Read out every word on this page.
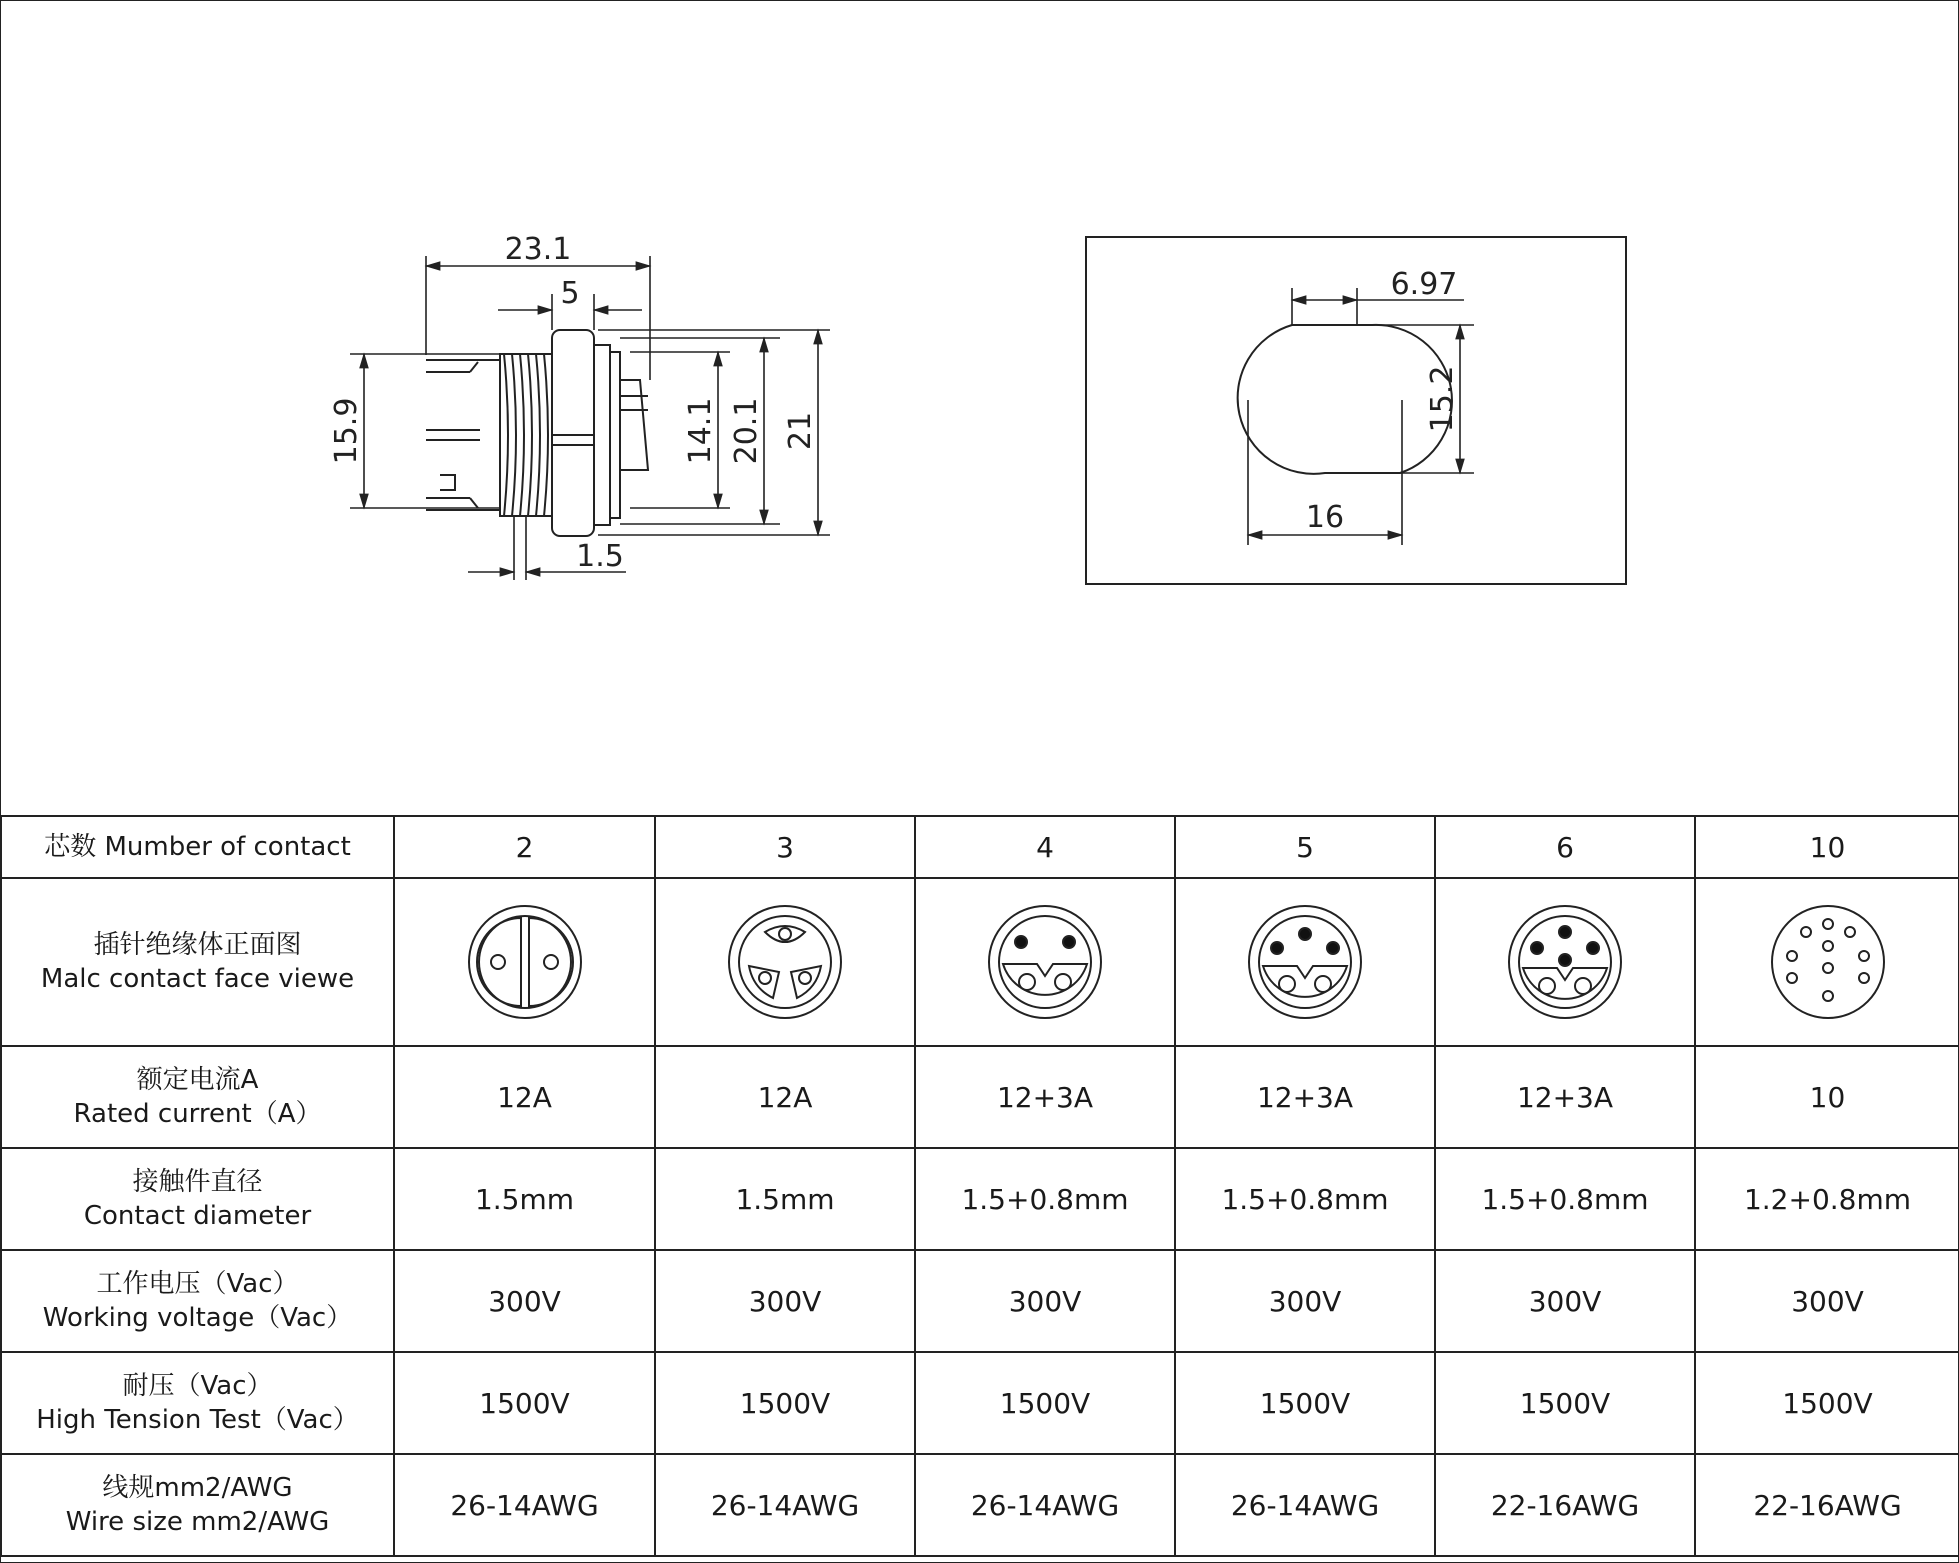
23.1
5
1.5
15.9	14.1 20.1 21
6.97
15.2
16
芯数 Mumber of contact	2	3	4	5	6	10

插针绝缘体正面图
Malc contact face viewe

额定电流A
Rated current（A）	12A	12A	12+3A	12+3A	12+3A	10

接触件直径
Contact diameter	1.5mm	1.5mm	1.5+0.8mm	1.5+0.8mm	1.5+0.8mm	1.2+0.8mm

工作电压（Vac）
Working voltage（Vac）	300V	300V	300V	300V	300V	300V

耐压（Vac）
High Tension Test（Vac）	1500V	1500V	1500V	1500V	1500V	1500V

线规mm2/AWG
Wire size mm2/AWG	26-14AWG	26-14AWG	26-14AWG	26-14AWG	22-16AWG	22-16AWG
